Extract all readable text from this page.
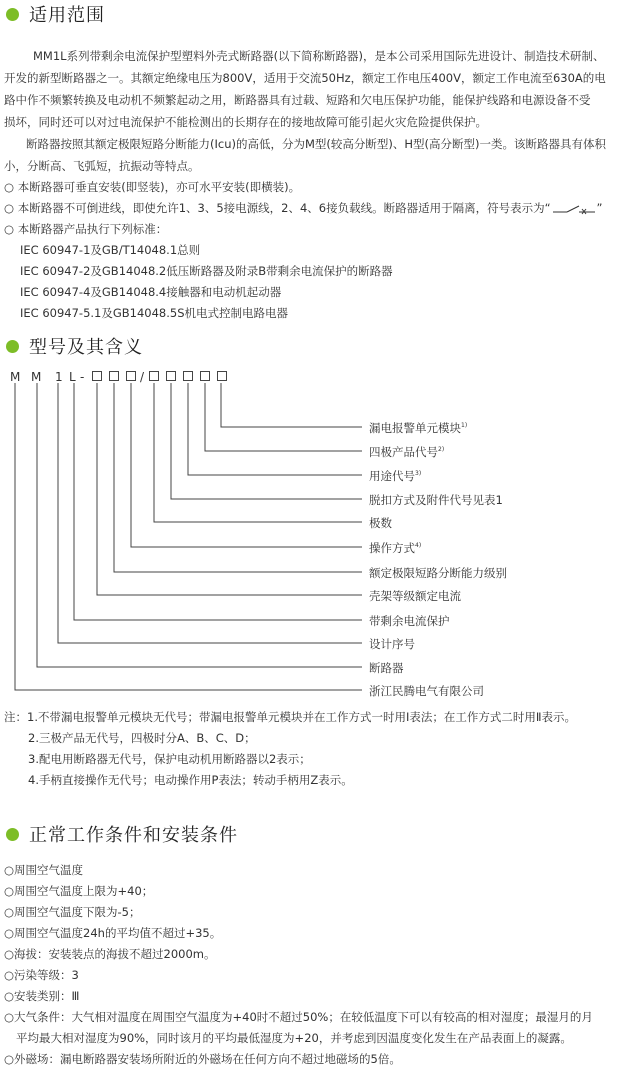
适用范围
MM1L系列带剩余电流保护型塑料外壳式断路器(以下简称断路器)，是本公司采用国际先进设计、制造技术研制、
开发的新型断路器之一。其额定绝缘电压为800V，适用于交流50Hz，额定工作电压400V，额定工作电流至630A的电
路中作不频繁转换及电动机不频繁起动之用，断路器具有过载、短路和欠电压保护功能，能保护线路和电源设备不受
损坏，同时还可以对过电流保护不能检测出的长期存在的接地故障可能引起火灾危险提供保护。
断路器按照其额定极限短路分断能力(Icu)的高低，分为M型(较高分断型)、H型(高分断型)一类。该断路器具有体积
小，分断高、飞弧短，抗振动等特点。
○ 本断路器可垂直安装(即竖装)，亦可水平安装(即横装)。
○ 本断路器不可倒进线，即使允许1、3、5接电源线，2、4、6接负载线。断路器适用于隔离，符号表示为“	”
○ 本断路器产品执行下列标准：
IEC 60947-1及GB/T14048.1总则
IEC 60947-2及GB14048.2低压断路器及附录B带剩余电流保护的断路器
IEC 60947-4及GB14048.4接触器和电动机起动器
IEC 60947-5.1及GB14048.5S机电式控制电路电器
型号及其含义
M M 1 L -	/
漏电报警单元模块$^{1)}$
四极产品代号$^{2)}$
用途代号$^{3)}$
脱扣方式及附件代号见表1
极数
操作方式$^{4)}$
额定极限短路分断能力级别
壳架等级额定电流
带剩余电流保护
设计序号
断路器
浙江民腾电气有限公司
注：1.不带漏电报警单元模块无代号；带漏电报警单元模块并在工作方式一时用Ⅰ表法；在工作方式二时用Ⅱ表示。
2.三极产品无代号，四极时分A、B、C、D；
3.配电用断路器无代号，保护电动机用断路器以2表示；
4.手柄直接操作无代号；电动操作用P表法；转动手柄用Z表示。
正常工作条件和安装条件
○周围空气温度
○周围空气温度上限为+40；
○周围空气温度下限为-5；
○周围空气温度24h的平均值不超过+35。
○海拔：安装装点的海拔不超过2000m。
○污染等级：3
○安装类别：Ⅲ
○大气条件：大气相对温度在周围空气温度为+40时不超过50%；在较低温度下可以有较高的相对湿度；最湿月的月
平均最大相对湿度为90%，同时该月的平均最低湿度为+20，并考虑到因温度变化发生在产品表面上的凝露。
○外磁场：漏电断路器安装场所附近的外磁场在任何方向不超过地磁场的5倍。
